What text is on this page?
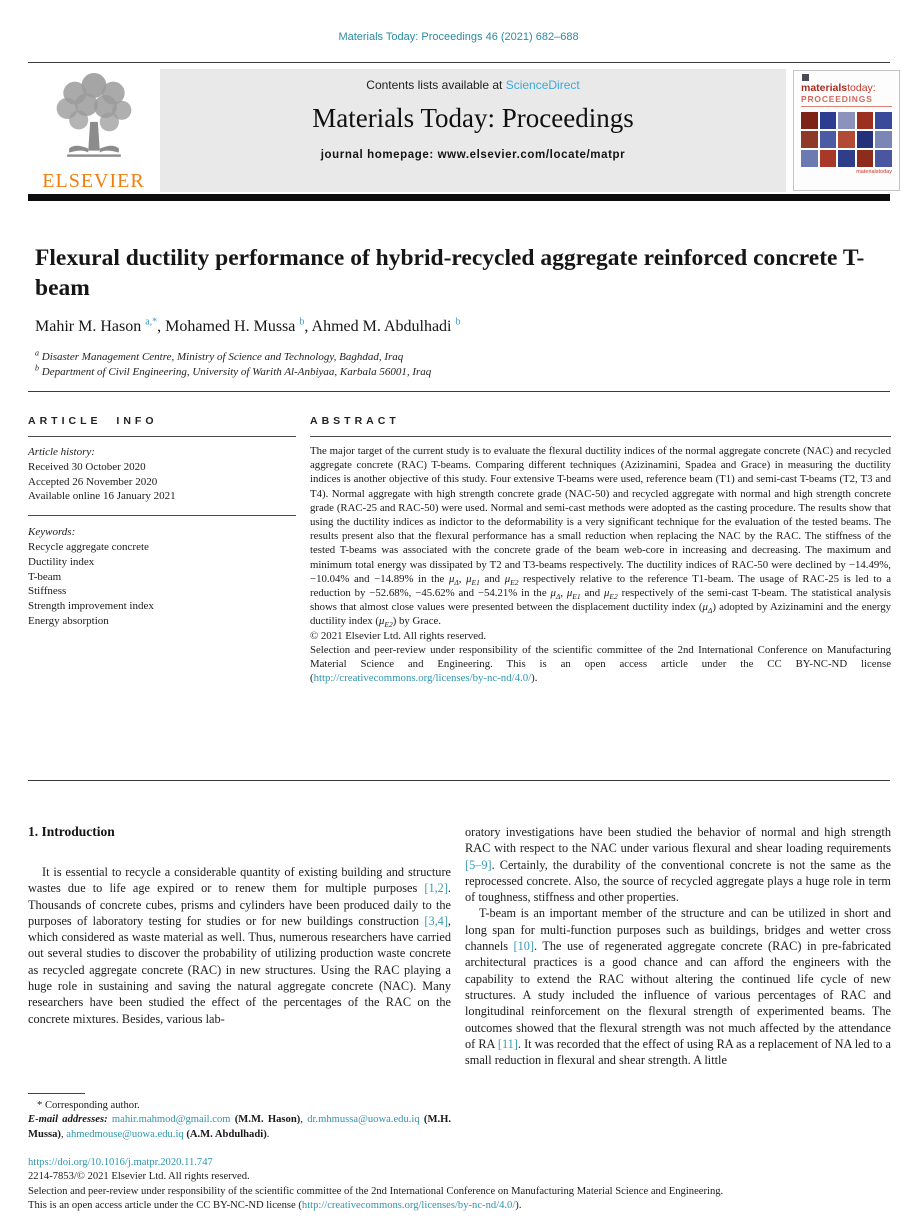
Materials Today: Proceedings 46 (2021) 682–688
ELSEVIER
Contents lists available at ScienceDirect
Materials Today: Proceedings
journal homepage: www.elsevier.com/locate/matpr
materialstoday:
PROCEEDINGS
materialstoday
Flexural ductility performance of hybrid-recycled aggregate reinforced concrete T-beam
Mahir M. Hason $^{a,*}$, Mohamed H. Mussa $^b$, Ahmed M. Abdulhadi $^b$
$^a$ Disaster Management Centre, Ministry of Science and Technology, Baghdad, Iraq
$^b$ Department of Civil Engineering, University of Warith Al-Anbiyaa, Karbala 56001, Iraq
ARTICLE INFO
Article history:
Received 30 October 2020
Accepted 26 November 2020
Available online 16 January 2021
Keywords:
Recycle aggregate concrete
Ductility index
T-beam
Stiffness
Strength improvement index
Energy absorption
ABSTRACT
The major target of the current study is to evaluate the flexural ductility indices of the normal aggregate concrete (NAC) and recycled aggregate concrete (RAC) T-beams. Comparing different techniques (Azizinamini, Spadea and Grace) in measuring the ductility indices is another objective of this study. Four extensive T-beams were used, reference beam (T1) and semi-cast T-beams (T2, T3 and T4). Normal aggregate with high strength concrete grade (NAC-50) and recycled aggregate with normal and high strength concrete grade (RAC-25 and RAC-50) were used. Normal and semi-cast methods were adopted as the casting procedure. The results show that using the ductility indices as indictor to the deformability is a very significant technique for the evaluation of the tested beams. The results present also that the flexural performance has a small reduction when replacing the NAC by the RAC. The stiffness of the tested T-beams was associated with the concrete grade of the beam web-core in increasing and decreasing. The maximum and minimum total energy was dissipated by T2 and T3-beams respectively. The ductility indices of RAC-50 were declined by −14.49%, −10.04% and −14.89% in the $\mu_\Delta$, $\mu_{E1}$ and $\mu_{E2}$ respectively relative to the reference T1-beam. The usage of RAC-25 is led to a reduction by −52.68%, −45.62% and −54.21% in the $\mu_\Delta$, $\mu_{E1}$ and $\mu_{E2}$ respectively of the semi-cast T-beam. The statistical analysis shows that almost close values were presented between the displacement ductility index $(\mu_\Delta)$ adopted by Azizinamini and the energy ductility index $(\mu_{E2})$ by Grace.
© 2021 Elsevier Ltd. All rights reserved.
Selection and peer-review under responsibility of the scientific committee of the 2nd International Conference on Manufacturing Material Science and Engineering. This is an open access article under the CC BY-NC-ND license (http://creativecommons.org/licenses/by-nc-nd/4.0/).
1. Introduction

It is essential to recycle a considerable quantity of existing building and structure wastes due to life age expired or to renew them for multiple purposes [1,2]. Thousands of concrete cubes, prisms and cylinders have been produced daily to the purposes of laboratory testing for studies or for new buildings construction [3,4], which considered as waste material as well. Thus, numerous researchers have carried out several studies to discover the probability of utilizing production waste concrete as recycled aggregate concrete (RAC) in new structures. Using the RAC playing a huge role in sustaining and saving the natural aggregate concrete (NAC). Many researchers have been studied the effect of the percentages of the RAC on the concrete mixtures. Besides, various lab-

oratory investigations have been studied the behavior of normal and high strength RAC with respect to the NAC under various flexural and shear loading requirements [5–9]. Certainly, the durability of the conventional concrete is not the same as the reprocessed concrete. Also, the source of recycled aggregate plays a huge role in term of toughness, stiffness and other properties.

T-beam is an important member of the structure and can be utilized in short and long span for multi-function purposes such as buildings, bridges and wetter cross channels [10]. The use of regenerated aggregate concrete (RAC) in pre-fabricated architectural practices is a good chance and can afford the engineers with the capability to extend the RAC without altering the continued life cycle of new structures. A study included the influence of various percentages of RAC and longitudinal reinforcement on the flexural strength of experimented beams. The outcomes showed that the flexural strength was not much affected by the attendance of RA [11]. It was recorded that the effect of using RA as a replacement of NA led to a small reduction in flexural and shear strength. A little

* Corresponding author.
E-mail addresses: mahir.mahmod@gmail.com (M.M. Hason), dr.mhmussa@uowa.edu.iq (M.H. Mussa), ahmedmouse@uowa.edu.iq (A.M. Abdulhadi).
https://doi.org/10.1016/j.matpr.2020.11.747
2214-7853/© 2021 Elsevier Ltd. All rights reserved.
Selection and peer-review under responsibility of the scientific committee of the 2nd International Conference on Manufacturing Material Science and Engineering.
This is an open access article under the CC BY-NC-ND license (http://creativecommons.org/licenses/by-nc-nd/4.0/).
